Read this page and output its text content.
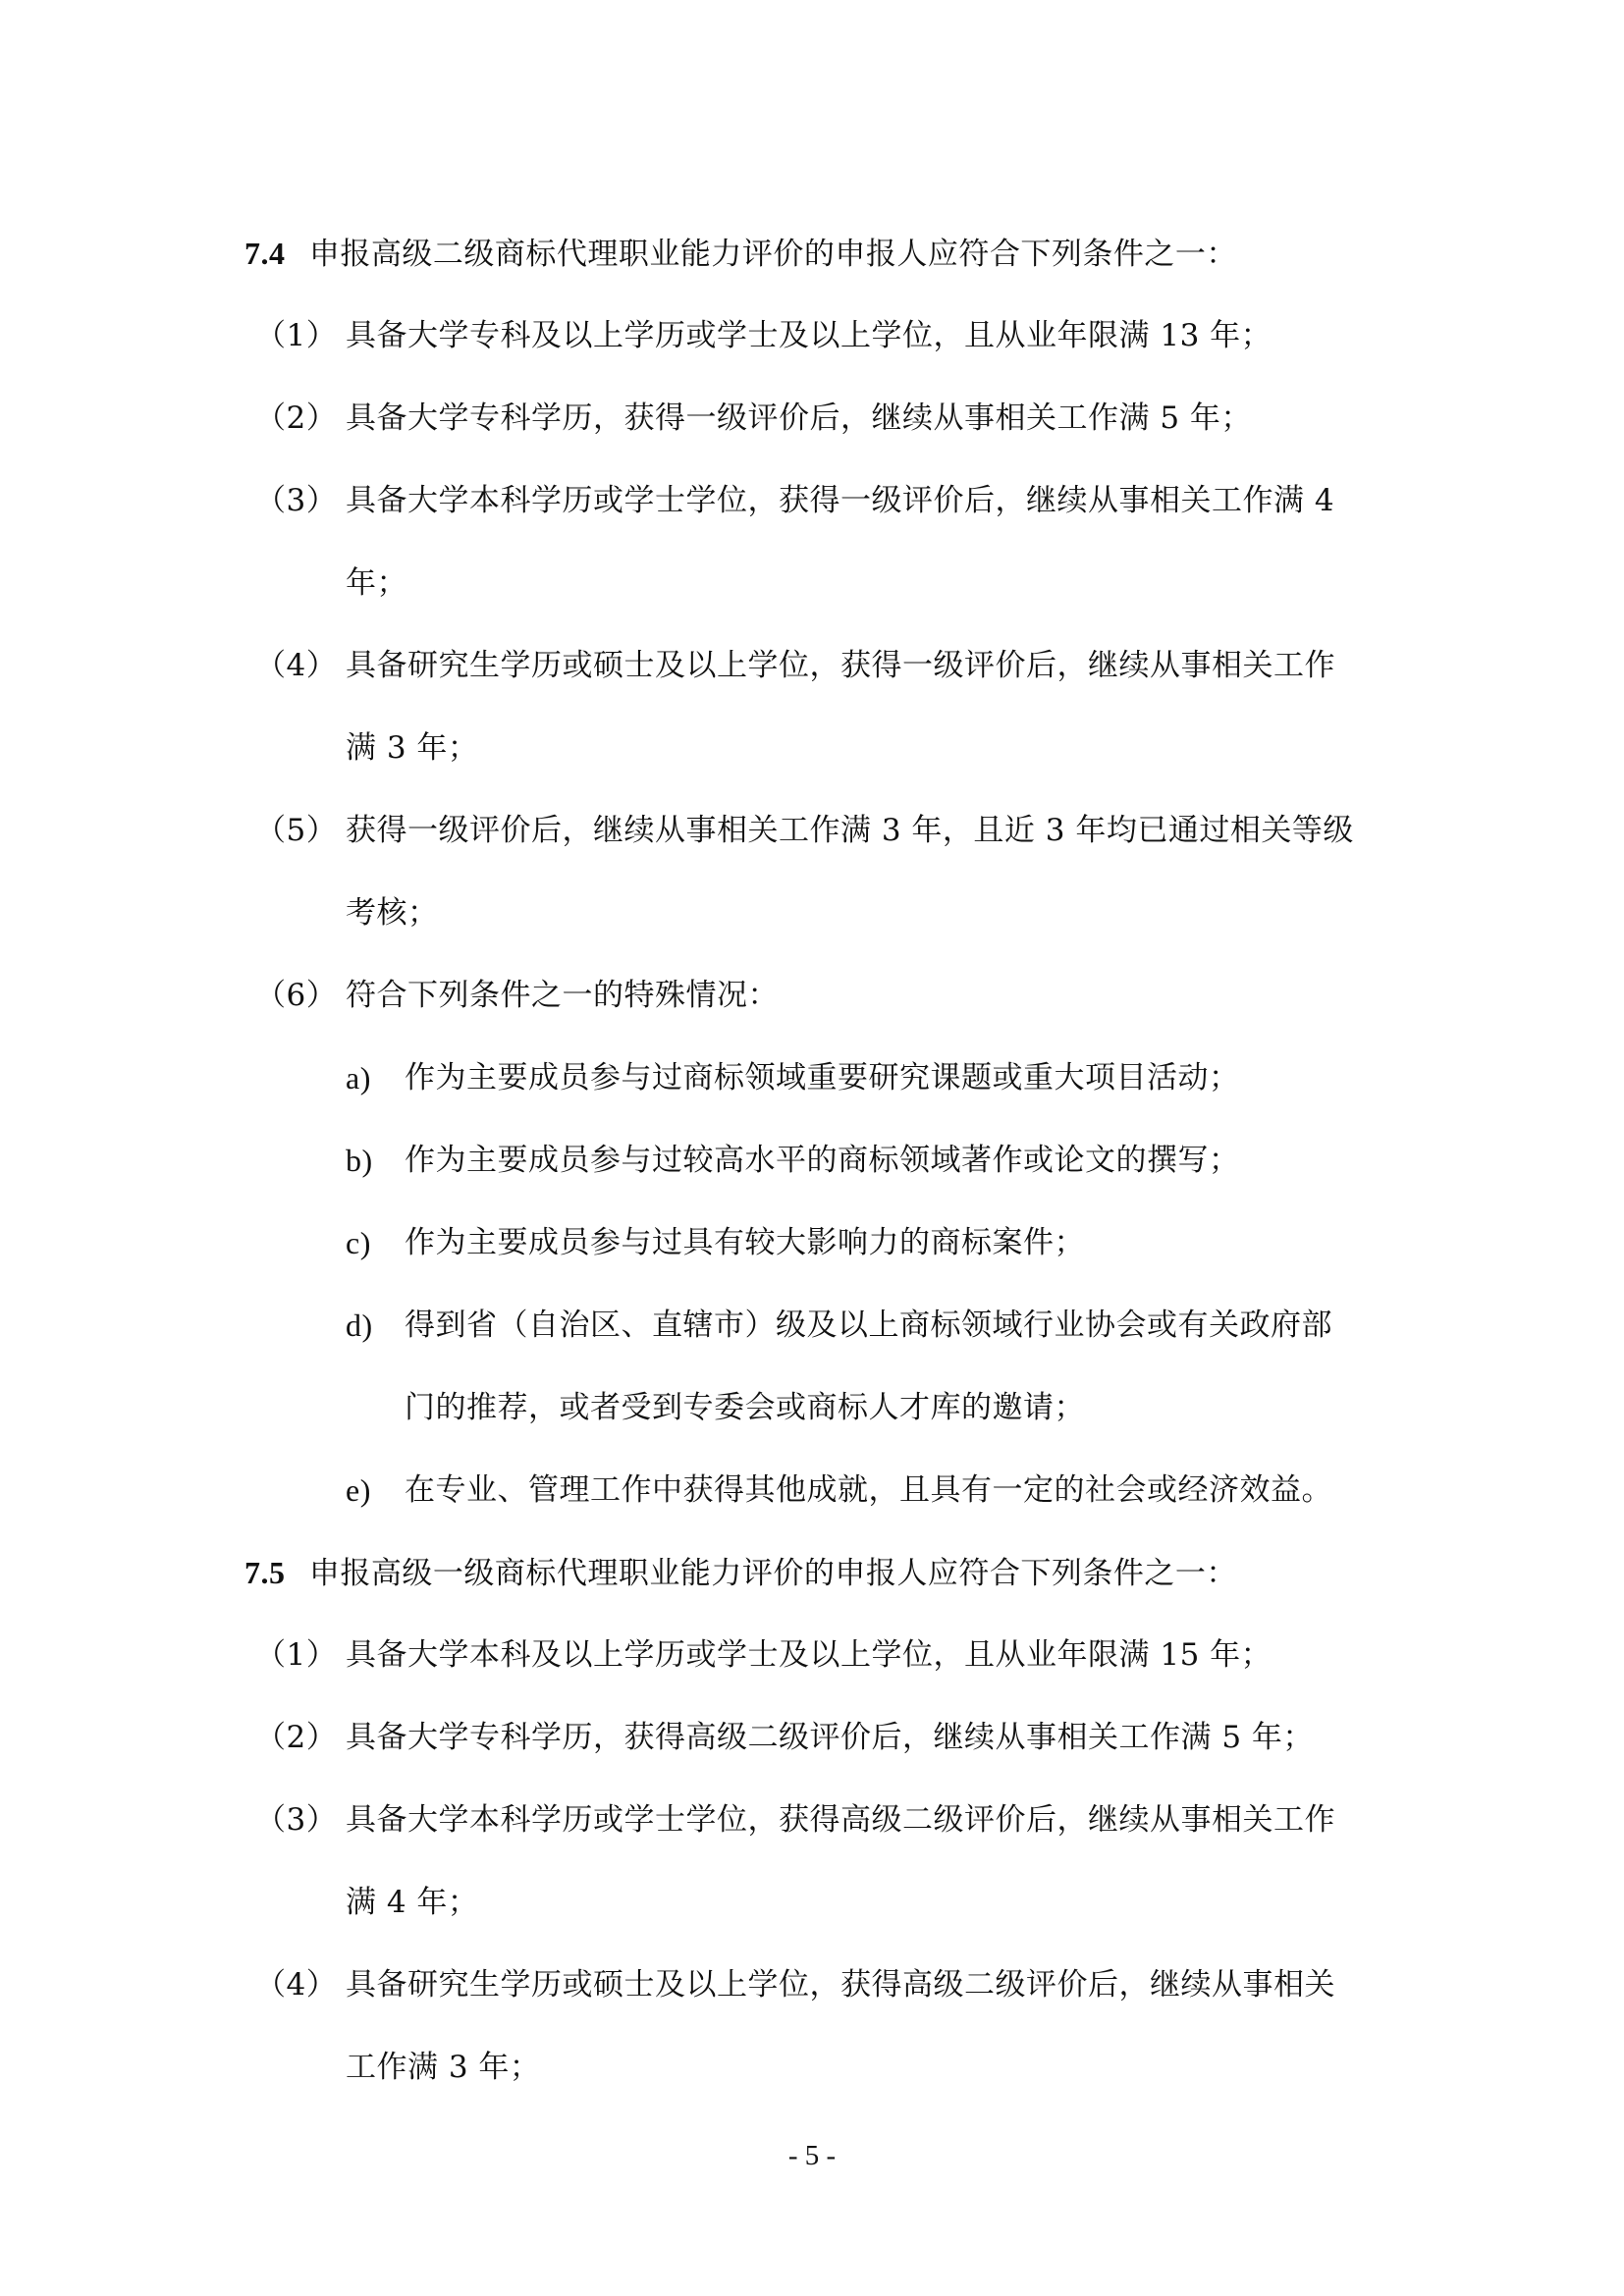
7.4 申报高级二级商标代理职业能力评价的申报人应符合下列条件之一：
（1） 具备大学专科及以上学历或学士及以上学位，且从业年限满 13 年；
（2） 具备大学专科学历，获得一级评价后，继续从事相关工作满 5 年；
（3） 具备大学本科学历或学士学位，获得一级评价后，继续从事相关工作满 4
年；
（4） 具备研究生学历或硕士及以上学位，获得一级评价后，继续从事相关工作
满 3 年；
（5） 获得一级评价后，继续从事相关工作满 3 年，且近 3 年均已通过相关等级
考核；
（6） 符合下列条件之一的特殊情况：
a) 作为主要成员参与过商标领域重要研究课题或重大项目活动；
b) 作为主要成员参与过较高水平的商标领域著作或论文的撰写；
c) 作为主要成员参与过具有较大影响力的商标案件；
d) 得到省（自治区、直辖市）级及以上商标领域行业协会或有关政府部
门的推荐，或者受到专委会或商标人才库的邀请；
e) 在专业、管理工作中获得其他成就，且具有一定的社会或经济效益。
7.5 申报高级一级商标代理职业能力评价的申报人应符合下列条件之一：
（1） 具备大学本科及以上学历或学士及以上学位，且从业年限满 15 年；
（2） 具备大学专科学历，获得高级二级评价后，继续从事相关工作满 5 年；
（3） 具备大学本科学历或学士学位，获得高级二级评价后，继续从事相关工作
满 4 年；
（4） 具备研究生学历或硕士及以上学位，获得高级二级评价后，继续从事相关
工作满 3 年；
- 5 -
